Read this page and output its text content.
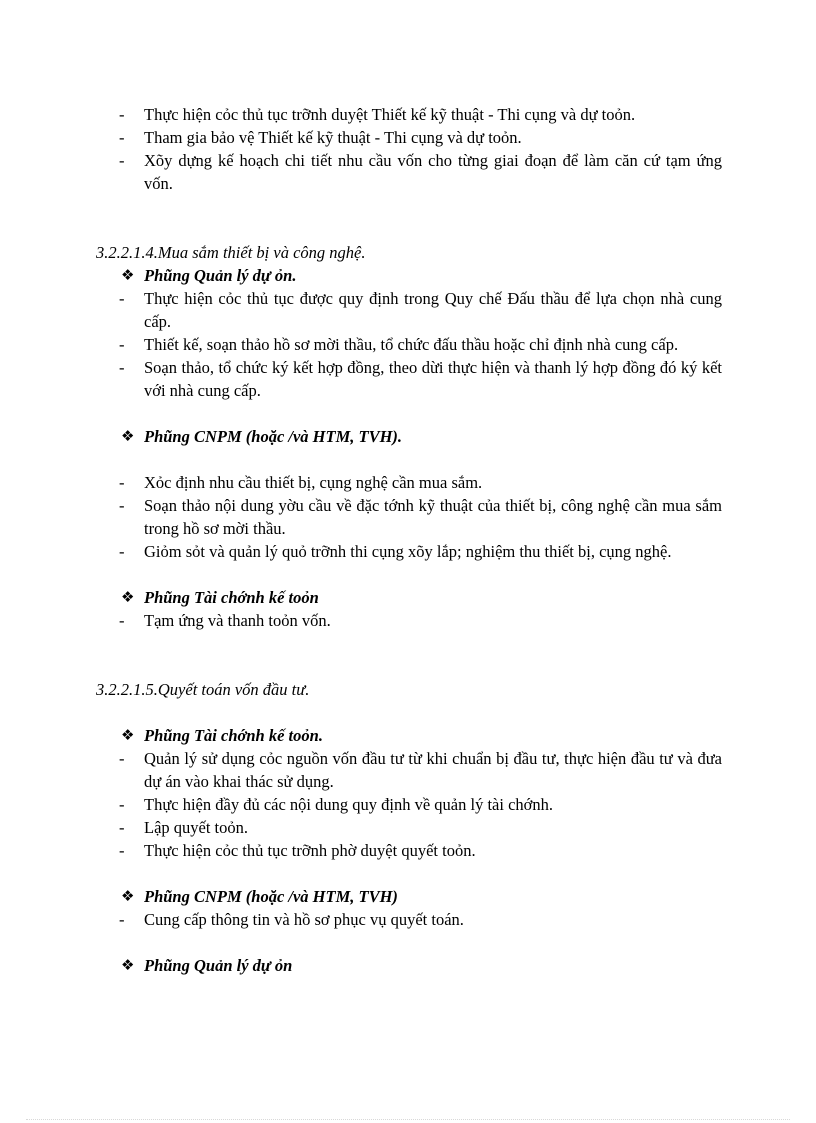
- Thực hiện cỏc thủ tục trỡnh duyệt Thiết kế kỹ thuật - Thi cụng và dự toỏn.
- Tham gia bảo vệ Thiết kế kỹ thuật - Thi cụng và dự toỏn.
- Xõy dựng kế hoạch chi tiết nhu cầu vốn cho từng giai đoạn để làm căn cứ tạm ứng vốn.
3.2.2.1.4.Mua sắm thiết bị và công nghệ.
❖ Phũng Quản lý dự ỏn.
- Thực hiện cỏc thủ tục được quy định trong Quy chế Đấu thầu để lựa chọn nhà cung cấp.
- Thiết kế, soạn thảo hồ sơ mời thầu, tổ chức đấu thầu hoặc chỉ định nhà cung cấp.
- Soạn thảo, tổ chức ký kết hợp đồng, theo dừi thực hiện và thanh lý hợp đồng đó ký kết với nhà cung cấp.
❖ Phũng CNPM (hoặc /và HTM, TVH).
- Xỏc định nhu cầu thiết bị, cụng nghệ cần mua sắm.
- Soạn thảo nội dung yờu cầu về đặc tớnh kỹ thuật của thiết bị, công nghệ cần mua sắm trong hồ sơ mời thầu.
- Giỏm sỏt và quản lý quỏ trỡnh thi cụng xõy lắp; nghiệm thu thiết bị, cụng nghệ.
❖ Phũng Tài chớnh kế toỏn
- Tạm ứng và thanh toỏn vốn.
3.2.2.1.5.Quyết toán vốn đầu tư.
❖ Phũng Tài chớnh kế toỏn.
- Quản lý sử dụng cỏc nguồn vốn đầu tư từ khi chuẩn bị đầu tư, thực hiện đầu tư và đưa dự án vào khai thác sử dụng.
- Thực hiện đầy đủ các nội dung quy định về quản lý tài chớnh.
- Lập quyết toỏn.
- Thực hiện cỏc thủ tục trỡnh phờ duyệt quyết toỏn.
❖ Phũng CNPM (hoặc /và HTM, TVH)
- Cung cấp thông tin và hồ sơ phục vụ quyết toán.
❖ Phũng Quản lý dự ỏn
